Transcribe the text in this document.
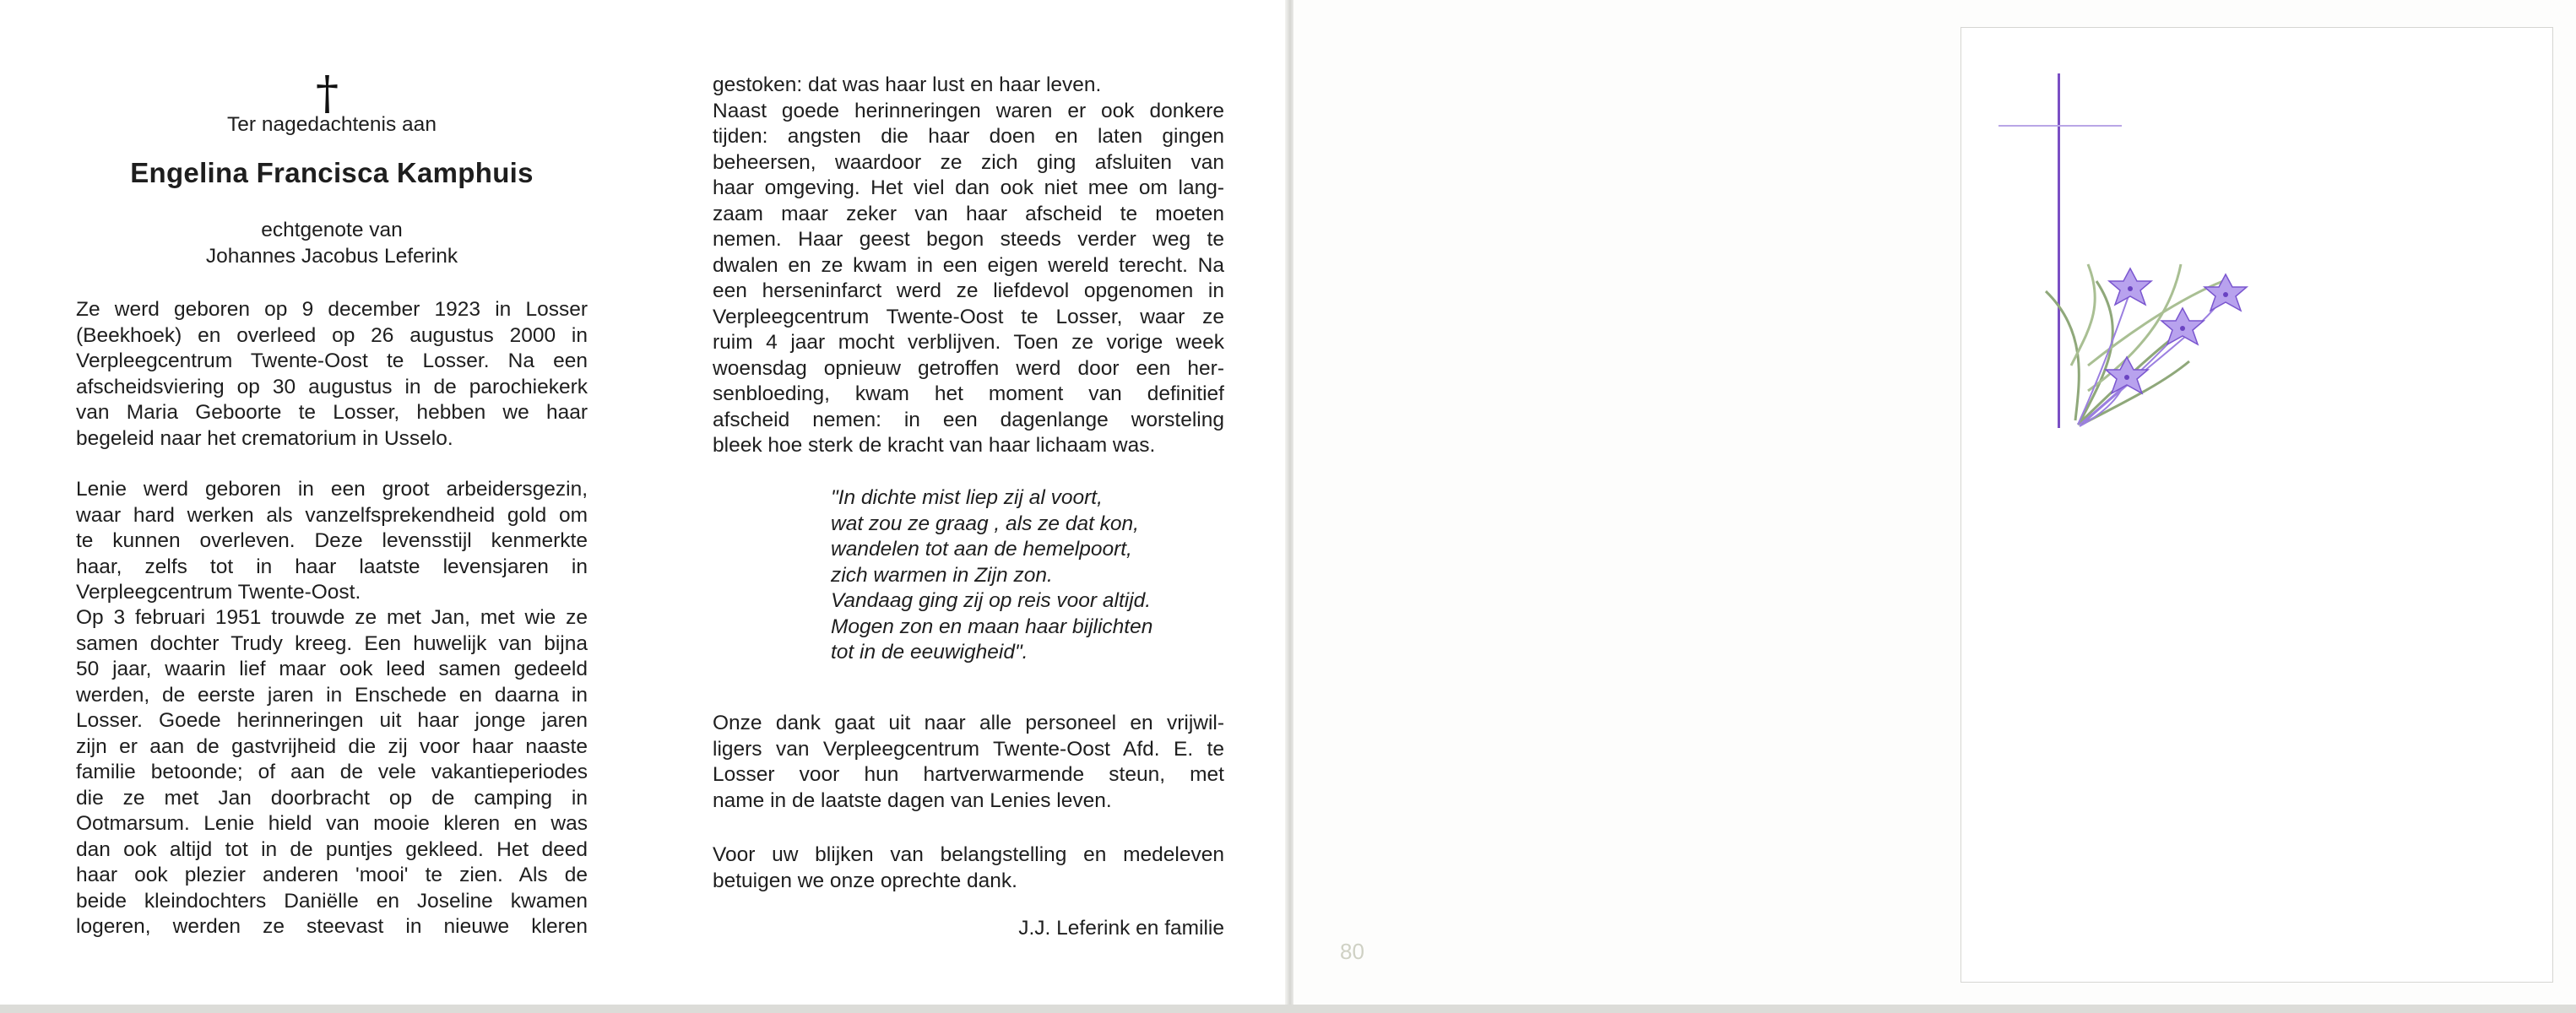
†
Ter nagedachtenis aan
Engelina Francisca Kamphuis
echtgenote van
Johannes Jacobus Leferink
Ze werd geboren op 9 december 1923 in Losser
(Beekhoek) en overleed op 26 augustus 2000 in
Verpleegcentrum Twente-Oost te Losser. Na een
afscheidsviering op 30 augustus in de parochiekerk
van Maria Geboorte te Losser, hebben we haar
begeleid naar het crematorium in Usselo.
Lenie werd geboren in een groot arbeidersgezin,
waar hard werken als vanzelfsprekendheid gold om
te kunnen overleven. Deze levensstijl kenmerkte
haar, zelfs tot in haar laatste levensjaren in
Verpleegcentrum Twente-Oost.
Op 3 februari 1951 trouwde ze met Jan, met wie ze
samen dochter Trudy kreeg. Een huwelijk van bijna
50 jaar, waarin lief maar ook leed samen gedeeld
werden, de eerste jaren in Enschede en daarna in
Losser. Goede herinneringen uit haar jonge jaren
zijn er aan de gastvrijheid die zij voor haar naaste
familie betoonde; of aan de vele vakantieperiodes
die ze met Jan doorbracht op de camping in
Ootmarsum. Lenie hield van mooie kleren en was
dan ook altijd tot in de puntjes gekleed. Het deed
haar ook plezier anderen 'mooi' te zien. Als de
beide kleindochters Daniëlle en Joseline kwamen
logeren, werden ze steevast in nieuwe kleren
gestoken: dat was haar lust en haar leven.
Naast goede herinneringen waren er ook donkere
tijden: angsten die haar doen en laten gingen
beheersen, waardoor ze zich ging afsluiten van
haar omgeving. Het viel dan ook niet mee om lang-
zaam maar zeker van haar afscheid te moeten
nemen. Haar geest begon steeds verder weg te
dwalen en ze kwam in een eigen wereld terecht. Na
een herseninfarct werd ze liefdevol opgenomen in
Verpleegcentrum Twente-Oost te Losser, waar ze
ruim 4 jaar mocht verblijven. Toen ze vorige week
woensdag opnieuw getroffen werd door een her-
senbloeding, kwam het moment van definitief
afscheid nemen: in een dagenlange worsteling
bleek hoe sterk de kracht van haar lichaam was.
"In dichte mist liep zij al voort,
wat zou ze graag , als ze dat kon,
wandelen tot aan de hemelpoort,
zich warmen in Zijn zon.
Vandaag ging zij op reis voor altijd.
Mogen zon en maan haar bijlichten
tot in de eeuwigheid".
Onze dank gaat uit naar alle personeel en vrijwil-
ligers van Verpleegcentrum Twente-Oost Afd. E. te
Losser voor hun hartverwarmende steun, met
name in de laatste dagen van Lenies leven.
Voor uw blijken van belangstelling en medeleven
betuigen we onze oprechte dank.
J.J. Leferink en familie
80
